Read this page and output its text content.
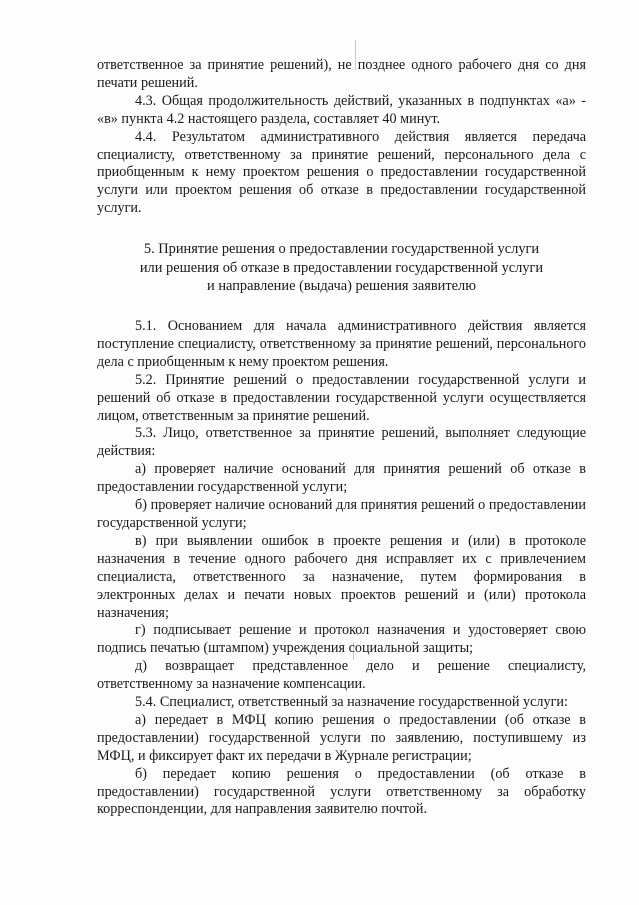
ответственное за принятие решений), не позднее одного рабочего дня со дня печати решений.

4.3. Общая продолжительность действий, указанных в подпунктах «а» - «в» пункта 4.2 настоящего раздела, составляет 40 минут.

4.4. Результатом административного действия является передача специалисту, ответственному за принятие решений, персонального дела с приобщенным к нему проектом решения о предоставлении государственной услуги или проектом решения об отказе в предоставлении государственной услуги.

5. Принятие решения о предоставлении государственной услуги
или решения об отказе в предоставлении государственной услуги
и направление (выдача) решения заявителю

5.1. Основанием для начала административного действия является поступление специалисту, ответственному за принятие решений, персонального дела с приобщенным к нему проектом решения.

5.2. Принятие решений о предоставлении государственной услуги и решений об отказе в предоставлении государственной услуги осуществляется лицом, ответственным за принятие решений.

5.3. Лицо, ответственное за принятие решений, выполняет следующие действия:

а) проверяет наличие оснований для принятия решений об отказе в предоставлении государственной услуги;

б) проверяет наличие оснований для принятия решений о предоставлении государственной услуги;

в) при выявлении ошибок в проекте решения и (или) в протоколе назначения в течение одного рабочего дня исправляет их с привлечением специалиста, ответственного за назначение, путем формирования в электронных делах и печати новых проектов решений и (или) протокола назначения;

г) подписывает решение и протокол назначения и удостоверяет свою подпись печатью (штампом) учреждения социальной защиты;

д) возвращает представленное дело и решение специалисту, ответственному за назначение компенсации.

5.4. Специалист, ответственный за назначение государственной услуги:

а) передает в МФЦ копию решения о предоставлении (об отказе в предоставлении) государственной услуги по заявлению, поступившему из МФЦ, и фиксирует факт их передачи в Журнале регистрации;

б) передает копию решения о предоставлении (об отказе в предоставлении) государственной услуги ответственному за обработку корреспонденции, для направления заявителю почтой.
